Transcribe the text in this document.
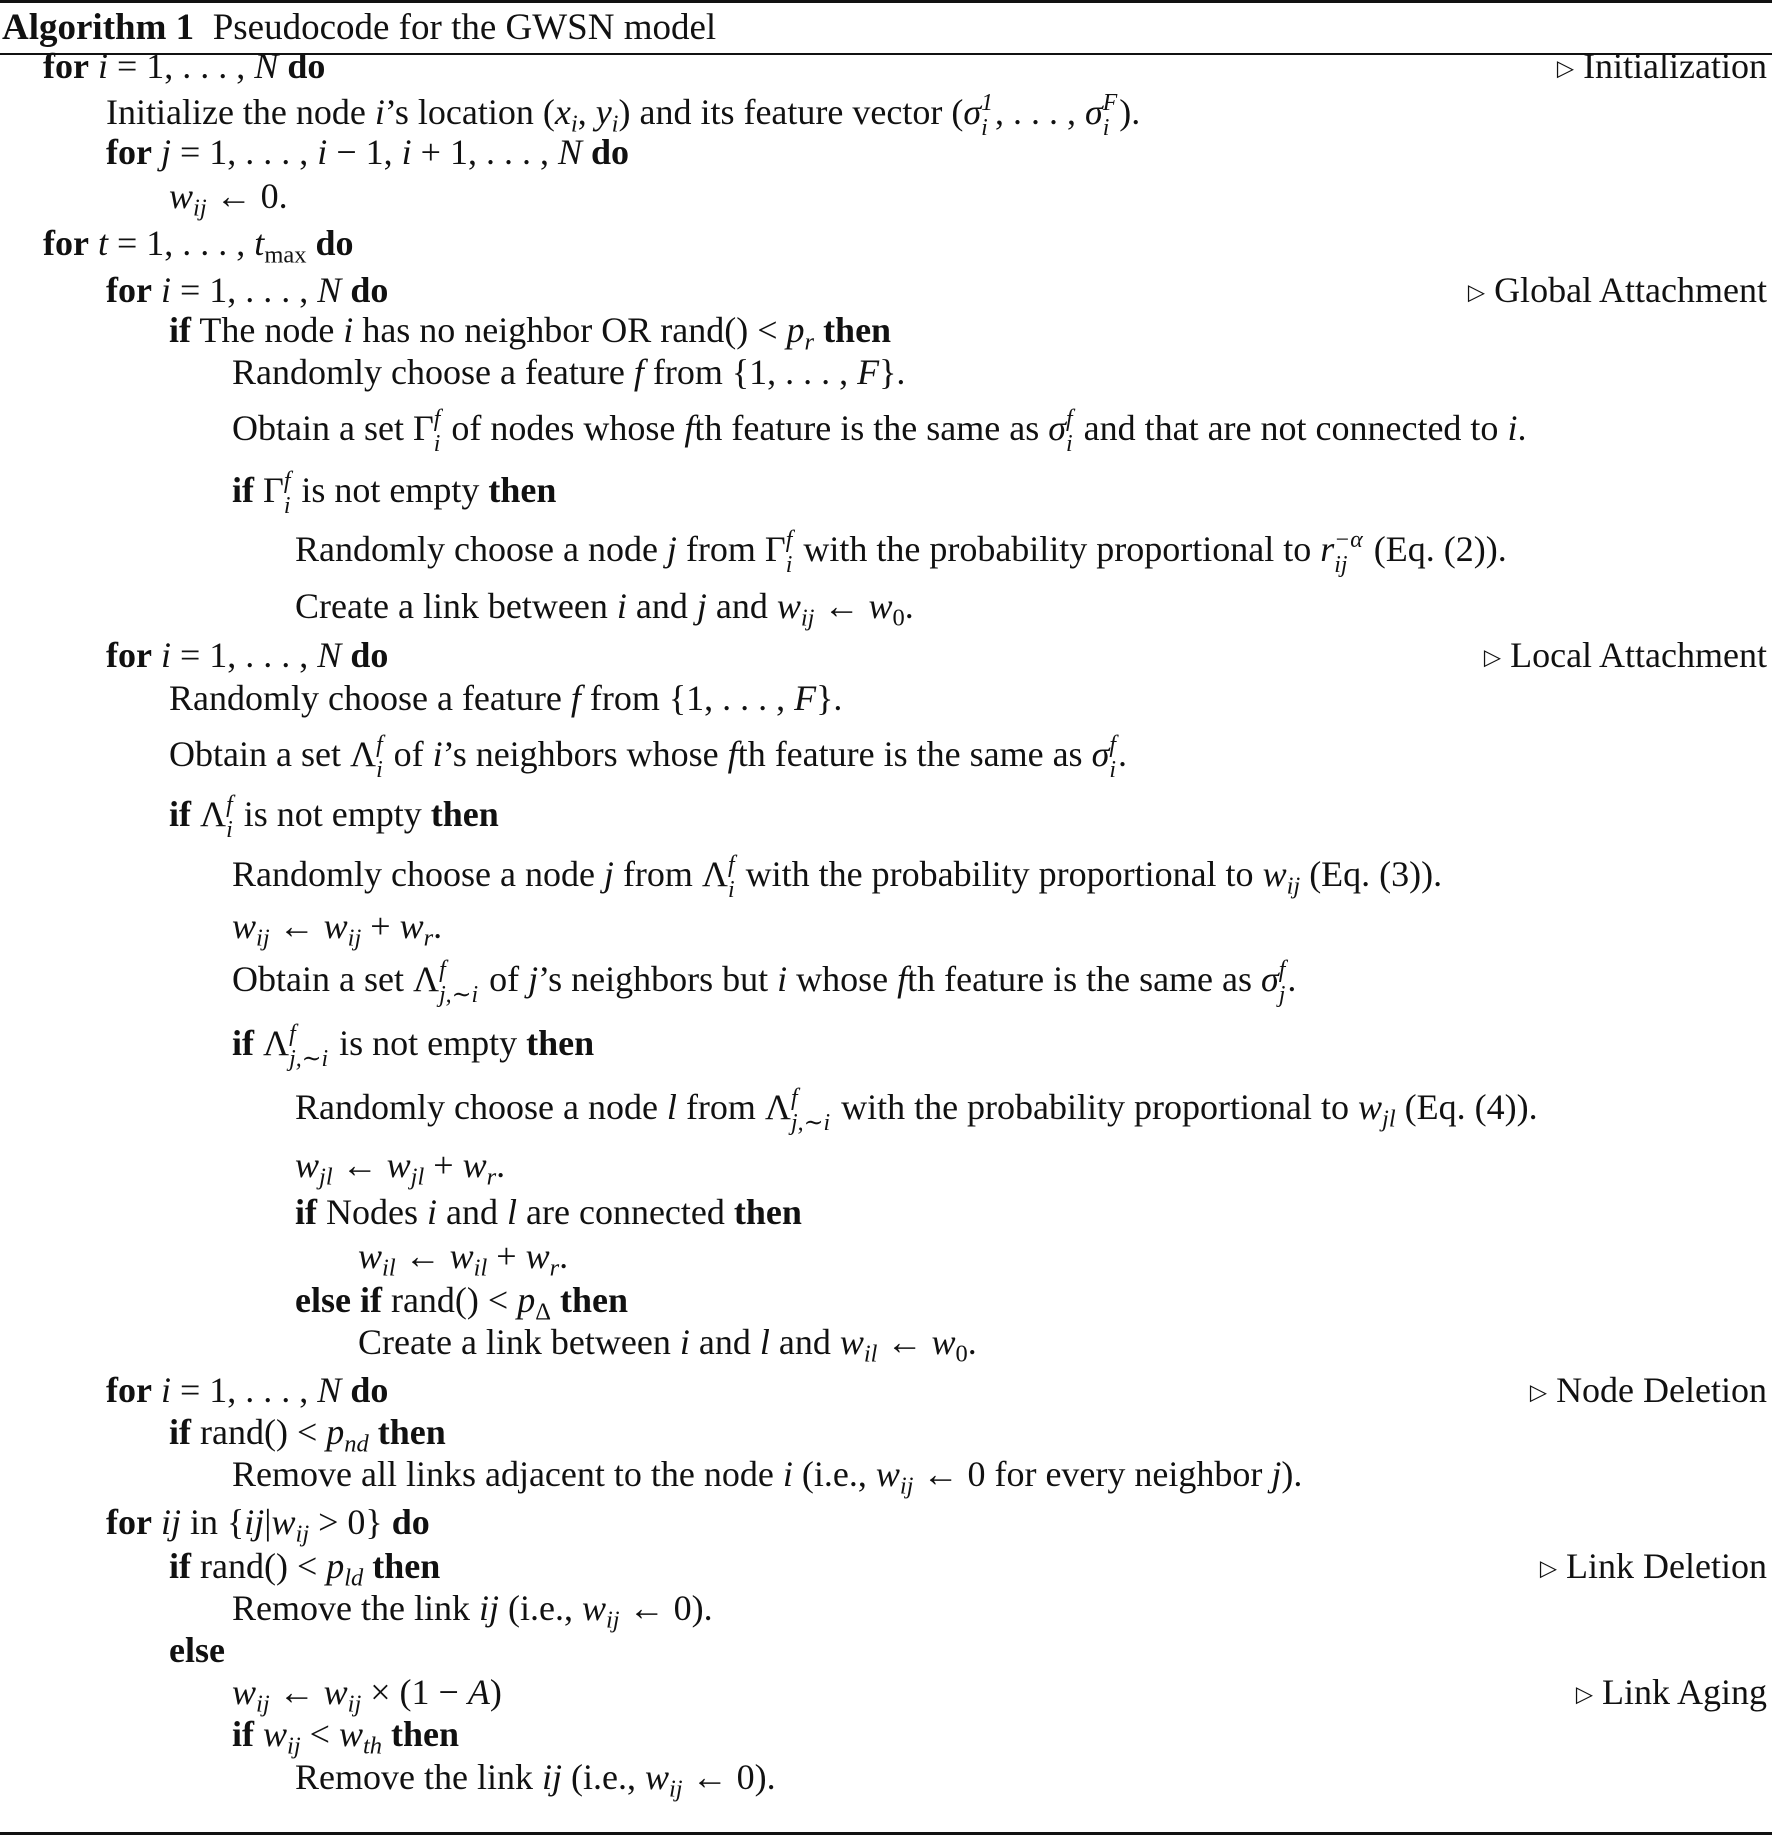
Algorithm 1 Pseudocode for the GWSN model
for i = 1, . . . , N do	▷ Initialization
Initialize the node i’s location ($x_i$, $y_i$) and its feature vector (σ 1
i , . . . , σ F
i ).
for j = 1, . . . , i − 1, i + 1, . . . , N do
$w_{ij}$ ← 0.
for t = 1, . . . , $t_{max}$ do
for i = 1, . . . , N do	▷ Global Attachment
if The node i has no neighbor OR rand() < $p_r$ then
Randomly choose a feature f from {1, . . . , F}.
Obtain a set Γ f
i of nodes whose fth feature is the same as σ f
i and that are not connected to i.
if Γ f
i is not empty then
Randomly choose a node j from Γ f
i with the probability proportional to r −α
ij (Eq. (2)).
Create a link between i and j and $w_{ij}$ ← $w_0$.
for i = 1, . . . , N do	▷ Local Attachment
Randomly choose a feature f from {1, . . . , F}.
Obtain a set Λ f
i of i’s neighbors whose fth feature is the same as σ f
i .
if Λ f
i is not empty then
Randomly choose a node j from Λ f
i with the probability proportional to $w_{ij}$ (Eq. (3)).
$w_{ij}$ ← $w_{ij} + w_r$.
Obtain a set Λ f
j,∼i of j’s neighbors but i whose fth feature is the same as σ f
j .
if Λ f
j,∼i is not empty then
Randomly choose a node l from Λ f
j,∼i with the probability proportional to $w_{jl}$ (Eq. (4)).
$w_{jl}$ ← $w_{jl} + w_r$.
if Nodes i and l are connected then
$w_{il}$ ← $w_{il} + w_r$.
else if rand() < $p_\Delta$ then
Create a link between i and l and $w_{il}$ ← $w_0$.
for i = 1, . . . , N do	▷ Node Deletion
if rand() < $p_{nd}$ then
Remove all links adjacent to the node i (i.e., $w_{ij}$ ← 0 for every neighbor j).
for ij in $\{ij|w_{ij} > 0\}$ do
if rand() < $p_{ld}$ then	▷ Link Deletion
Remove the link ij (i.e., $w_{ij}$ ← 0).
else
$w_{ij}$ ← $w_{ij} \times (1 - A)$	▷ Link Aging
if $w_{ij} < w_{th}$ then
Remove the link ij (i.e., $w_{ij}$ ← 0).
